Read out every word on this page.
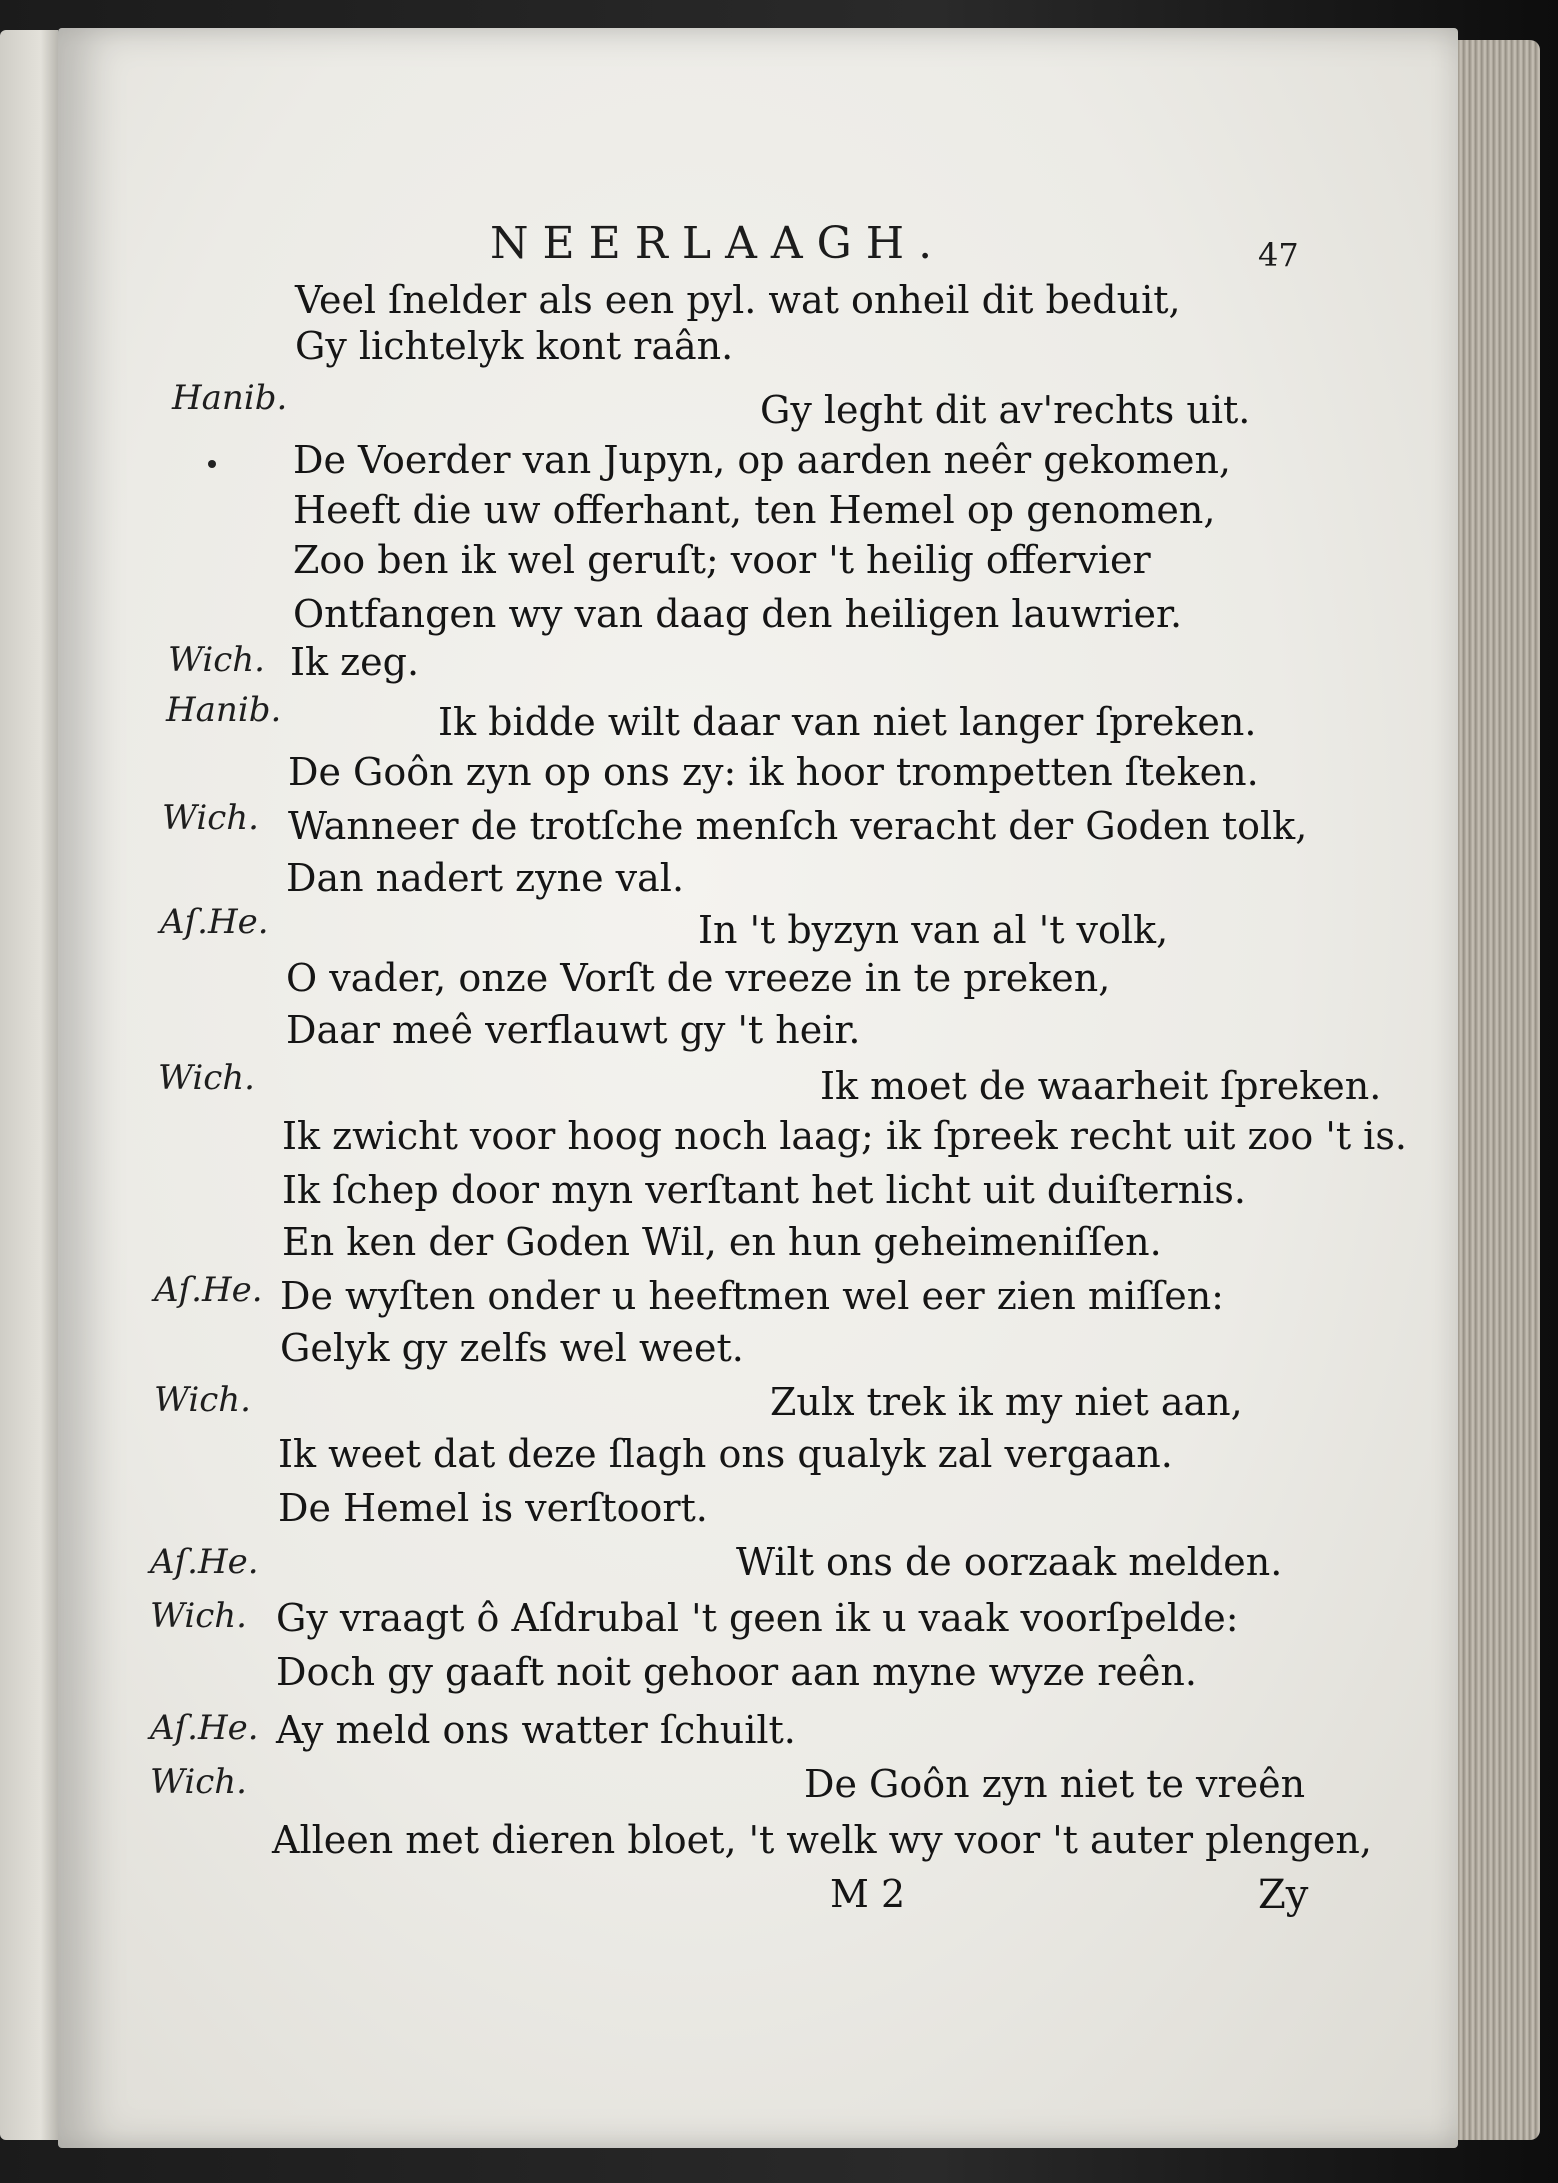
NEERLAAGH.	47
Veel ſnelder als een pyl. wat onheil dit beduit,
Gy lichtelyk kont raân.
Hanib.	Gy leght dit av'rechts uit.
De Voerder van Jupyn, op aarden neêr gekomen,
Heeft die uw offerhant, ten Hemel op genomen,
Zoo ben ik wel geruſt; voor 't heilig offervier
Ontfangen wy van daag den heiligen lauwrier.
Wich. Ik zeg.
Hanib.	Ik bidde wilt daar van niet langer ſpreken.
De Goôn zyn op ons zy: ik hoor trompetten ſteken.
Wich. Wanneer de trotſche menſch veracht der Goden tolk,
Dan nadert zyne val.
Aſ.He.	In 't byzyn van al 't volk,
O vader, onze Vorſt de vreeze in te preken,
Daar meê verflauwt gy 't heir.
Wich.	Ik moet de waarheit ſpreken.
Ik zwicht voor hoog noch laag; ik ſpreek recht uit zoo 't is.
Ik ſchep door myn verſtant het licht uit duiſternis.
En ken der Goden Wil, en hun geheimeniſſen.
Aſ.He. De wyſten onder u heeftmen wel eer zien miſſen:
Gelyk gy zelfs wel weet.
Wich.	Zulx trek ik my niet aan,
Ik weet dat deze ſlagh ons qualyk zal vergaan.
De Hemel is verſtoort.
Aſ.He.	Wilt ons de oorzaak melden.
Wich. Gy vraagt ô Aſdrubal 't geen ik u vaak voorſpelde:
Doch gy gaaft noit gehoor aan myne wyze reên.
Aſ.He. Ay meld ons watter ſchuilt.
Wich.	De Goôn zyn niet te vreên
Alleen met dieren bloet, 't welk wy voor 't auter plengen,
M 2	Zy
